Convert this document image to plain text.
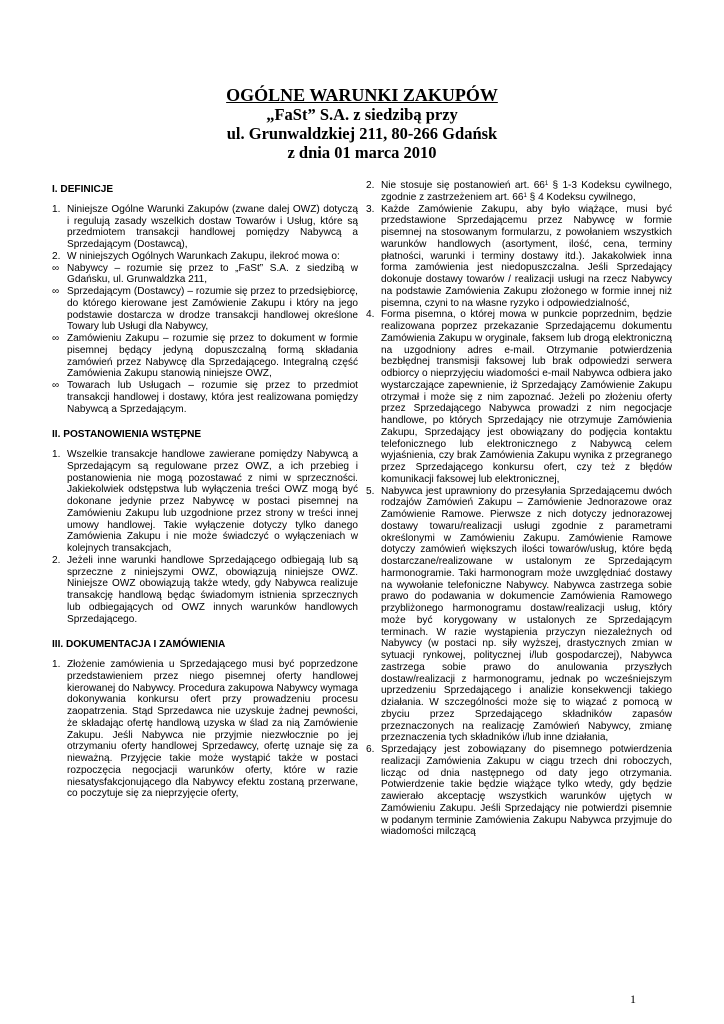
OGÓLNE WARUNKI ZAKUPÓW
„FaSt” S.A. z siedzibą przy
ul. Grunwaldzkiej 211, 80-266 Gdańsk
z dnia 01 marca 2010
I. DEFINICJE
1. Niniejsze Ogólne Warunki Zakupów (zwane dalej OWZ) dotyczą i regulują zasady wszelkich dostaw Towarów i Usług, które są przedmiotem transakcji handlowej pomiędzy Nabywcą a Sprzedającym (Dostawcą),
2. W niniejszych Ogólnych Warunkach Zakupu, ilekroć mowa o:
∞ Nabywcy – rozumie się przez to „FaSt” S.A. z siedzibą w Gdańsku, ul. Grunwaldzka 211,
∞ Sprzedającym (Dostawcy) – rozumie się przez to przedsiębiorcę, do którego kierowane jest Zamówienie Zakupu i który na jego podstawie dostarcza w drodze transakcji handlowej określone Towary lub Usługi dla Nabywcy,
∞ Zamówieniu Zakupu – rozumie się przez to dokument w formie pisemnej będący jedyną dopuszczalną formą składania zamówień przez Nabywcę dla Sprzedającego. Integralną część Zamówienia Zakupu stanowią niniejsze OWZ,
∞ Towarach lub Usługach – rozumie się przez to przedmiot transakcji handlowej i dostawy, która jest realizowana pomiędzy Nabywcą a Sprzedającym.
II. POSTANOWIENIA WSTĘPNE
1. Wszelkie transakcje handlowe zawierane pomiędzy Nabywcą a Sprzedającym są regulowane przez OWZ, a ich przebieg i postanowienia nie mogą pozostawać z nimi w sprzeczności. Jakiekolwiek odstępstwa lub wyłączenia treści OWZ mogą być dokonane jedynie przez Nabywcę w postaci pisemnej na Zamówieniu Zakupu lub uzgodnione przez strony w treści innej umowy handlowej. Takie wyłączenie dotyczy tylko danego Zamówienia Zakupu i nie może świadczyć o wyłączeniach w kolejnych transakcjach,
2. Jeżeli inne warunki handlowe Sprzedającego odbiegają lub są sprzeczne z niniejszymi OWZ, obowiązują niniejsze OWZ. Niniejsze OWZ obowiązują także wtedy, gdy Nabywca realizuje transakcję handlową będąc świadomym istnienia sprzecznych lub odbiegających od OWZ innych warunków handlowych Sprzedającego.
III. DOKUMENTACJA I ZAMÓWIENIA
1. Złożenie zamówienia u Sprzedającego musi być poprzedzone przedstawieniem przez niego pisemnej oferty handlowej kierowanej do Nabywcy. Procedura zakupowa Nabywcy wymaga dokonywania konkursu ofert przy prowadzeniu procesu zaopatrzenia. Stąd Sprzedawca nie uzyskuje żadnej pewności, że składając ofertę handlową uzyska w ślad za nią Zamówienie Zakupu. Jeśli Nabywca nie przyjmie niezwłocznie po jej otrzymaniu oferty handlowej Sprzedawcy, ofertę uznaje się za nieważną. Przyjęcie takie może wystąpić także w postaci rozpoczęcia negocjacji warunków oferty, które w razie niesatysfakcjonującego dla Nabywcy efektu zostaną przerwane, co poczytuje się za nieprzyjęcie oferty,
2. Nie stosuje się postanowień art. $66^1$ § 1-3 Kodeksu cywilnego, zgodnie z zastrzeżeniem art. $66^1$ § 4 Kodeksu cywilnego,
3. Każde Zamówienie Zakupu, aby było wiążące, musi być przedstawione Sprzedającemu przez Nabywcę w formie pisemnej na stosowanym formularzu, z powołaniem wszystkich warunków handlowych (asortyment, ilość, cena, terminy płatności, warunki i terminy dostawy itd.). Jakakolwiek inna forma zamówienia jest niedopuszczalna. Jeśli Sprzedający dokonuje dostawy towarów / realizacji usługi na rzecz Nabywcy na podstawie Zamówienia Zakupu złożonego w formie innej niż pisemna, czyni to na własne ryzyko i odpowiedzialność,
4. Forma pisemna, o której mowa w punkcie poprzednim, będzie realizowana poprzez przekazanie Sprzedającemu dokumentu Zamówienia Zakupu w oryginale, faksem lub drogą elektroniczną na uzgodniony adres e-mail. Otrzymanie potwierdzenia bezbłędnej transmisji faksowej lub brak odpowiedzi serwera odbiorcy o nieprzyjęciu wiadomości e-mail Nabywca odbiera jako wystarczające zapewnienie, iż Sprzedający Zamówienie Zakupu otrzymał i może się z nim zapoznać. Jeżeli po złożeniu oferty przez Sprzedającego Nabywca prowadzi z nim negocjacje handlowe, po których Sprzedający nie otrzymuje Zamówienia Zakupu, Sprzedający jest obowiązany do podjęcia kontaktu telefonicznego lub elektronicznego z Nabywcą celem wyjaśnienia, czy brak Zamówienia Zakupu wynika z przegranego przez Sprzedającego konkursu ofert, czy też z błędów komunikacji faksowej lub elektronicznej,
5. Nabywca jest uprawniony do przesyłania Sprzedającemu dwóch rodzajów Zamówień Zakupu – Zamówienie Jednorazowe oraz Zamówienie Ramowe. Pierwsze z nich dotyczy jednorazowej dostawy towaru/realizacji usługi zgodnie z parametrami określonymi w Zamówieniu Zakupu. Zamówienie Ramowe dotyczy zamówień większych ilości towarów/usług, które będą dostarczane/realizowane w ustalonym ze Sprzedającym harmonogramie. Taki harmonogram może uwzględniać dostawy na wywołanie telefoniczne Nabywcy. Nabywca zastrzega sobie prawo do podawania w dokumencie Zamówienia Ramowego przybliżonego harmonogramu dostaw/realizacji usług, który może być korygowany w ustalonych ze Sprzedającym terminach. W razie wystąpienia przyczyn niezależnych od Nabywcy (w postaci np. siły wyższej, drastycznych zmian w sytuacji rynkowej, politycznej i/lub gospodarczej), Nabywca zastrzega sobie prawo do anulowania przyszłych dostaw/realizacji z harmonogramu, jednak po wcześniejszym uprzedzeniu Sprzedającego i analizie konsekwencji takiego działania. W szczególności może się to wiązać z pomocą w zbyciu przez Sprzedającego składników zapasów przeznaczonych na realizację Zamówień Nabywcy, zmianę przeznaczenia tych składników i/lub inne działania,
6. Sprzedający jest zobowiązany do pisemnego potwierdzenia realizacji Zamówienia Zakupu w ciągu trzech dni roboczych, licząc od dnia następnego od daty jego otrzymania. Potwierdzenie takie będzie wiążące tylko wtedy, gdy będzie zawierało akceptację wszystkich warunków ujętych w Zamówieniu Zakupu. Jeśli Sprzedający nie potwierdzi pisemnie w podanym terminie Zamówienia Zakupu Nabywca przyjmuje do wiadomości milczącą
1
